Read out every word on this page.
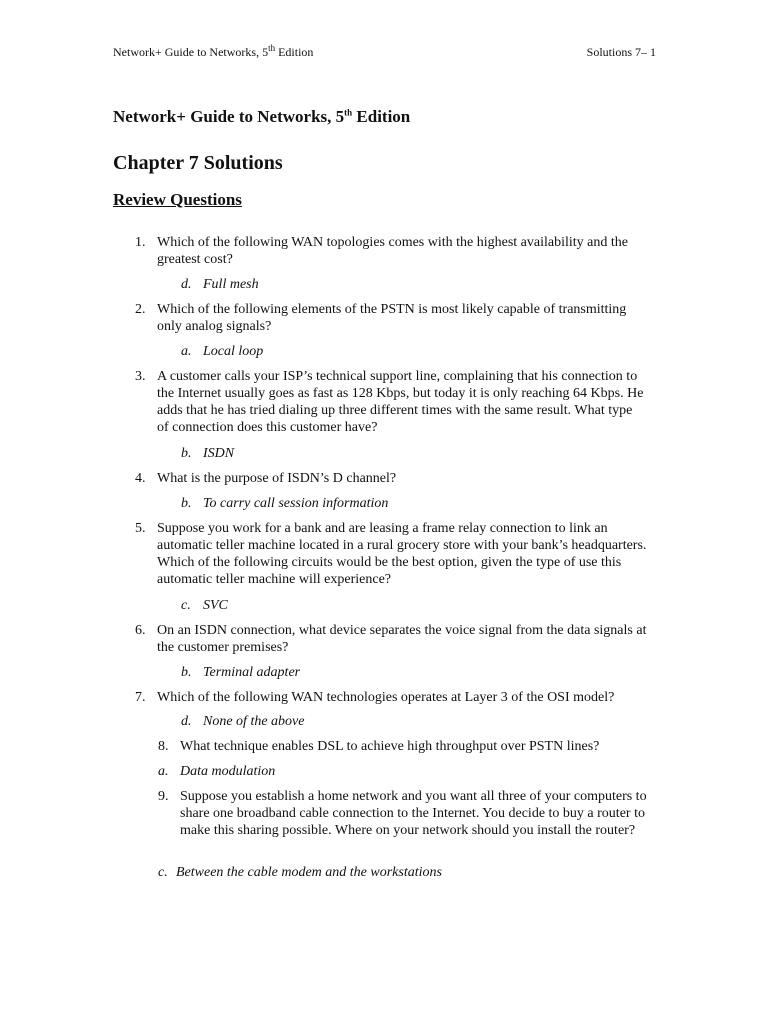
Network+ Guide to Networks, 5th Edition	Solutions 7– 1
Network+ Guide to Networks, 5th Edition
Chapter 7 Solutions
Review Questions
1. Which of the following WAN topologies comes with the highest availability and the greatest cost?
d. Full mesh
2. Which of the following elements of the PSTN is most likely capable of transmitting only analog signals?
a. Local loop
3. A customer calls your ISP’s technical support line, complaining that his connection to the Internet usually goes as fast as 128 Kbps, but today it is only reaching 64 Kbps. He adds that he has tried dialing up three different times with the same result. What type of connection does this customer have?
b. ISDN
4. What is the purpose of ISDN’s D channel?
b. To carry call session information
5. Suppose you work for a bank and are leasing a frame relay connection to link an automatic teller machine located in a rural grocery store with your bank’s headquarters. Which of the following circuits would be the best option, given the type of use this automatic teller machine will experience?
c. SVC
6. On an ISDN connection, what device separates the voice signal from the data signals at the customer premises?
b. Terminal adapter
7. Which of the following WAN technologies operates at Layer 3 of the OSI model?
d. None of the above
8. What technique enables DSL to achieve high throughput over PSTN lines?
a. Data modulation
9. Suppose you establish a home network and you want all three of your computers to share one broadband cable connection to the Internet. You decide to buy a router to make this sharing possible. Where on your network should you install the router?
c. Between the cable modem and the workstations
